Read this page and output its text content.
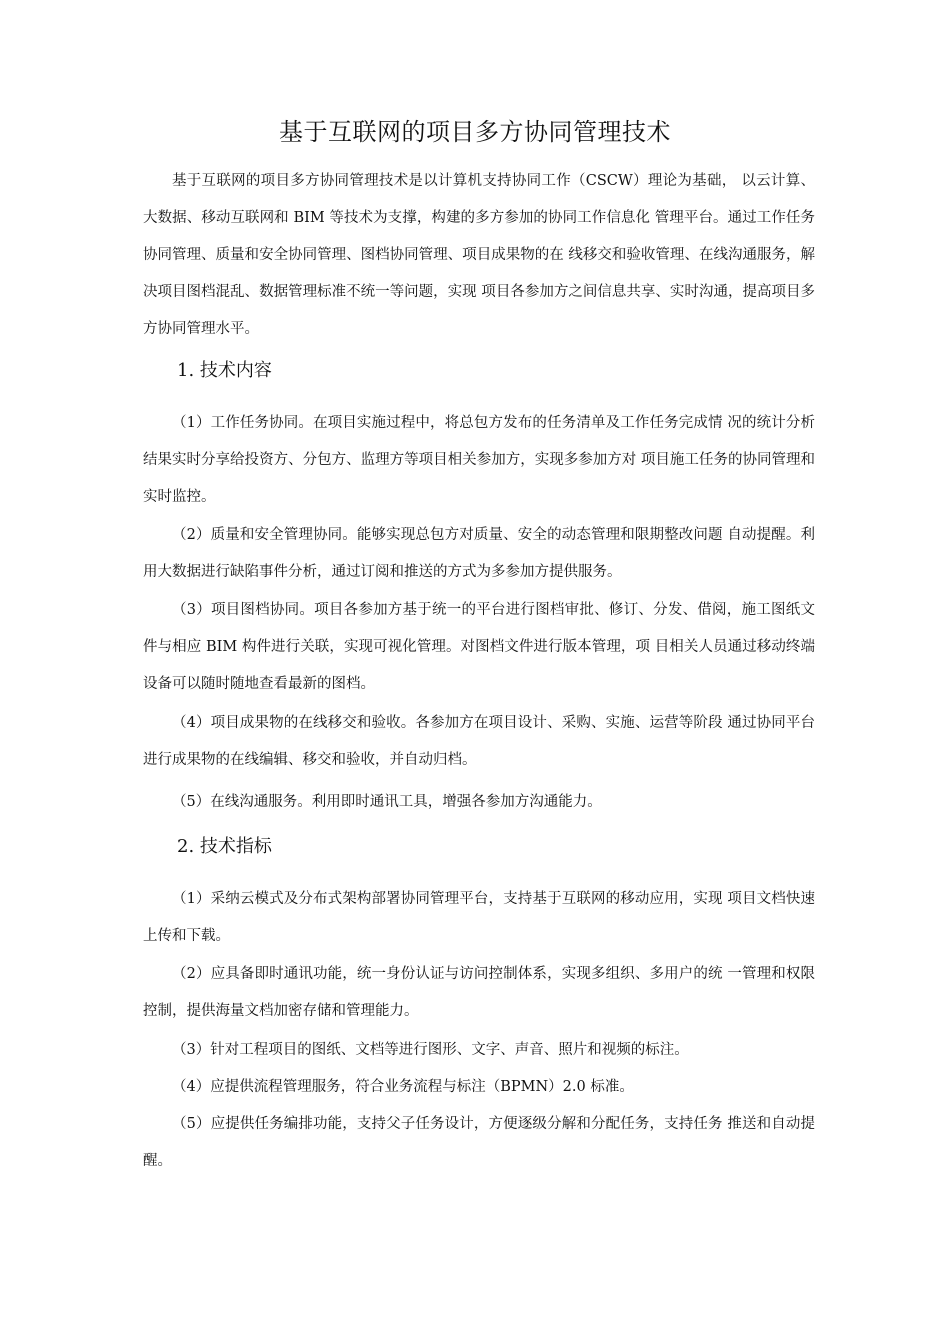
基于互联网的项目多方协同管理技术

基于互联网的项目多方协同管理技术是以计算机支持协同工作（CSCW）理论为基础， 以云计算、大数据、移动互联网和 BIM 等技术为支撑，构建的多方参加的协同工作信息化 管理平台。通过工作任务协同管理、质量和安全协同管理、图档协同管理、项目成果物的在 线移交和验收管理、在线沟通服务，解决项目图档混乱、数据管理标准不统一等问题，实现 项目各参加方之间信息共享、实时沟通，提高项目多方协同管理水平。

1. 技术内容

（1）工作任务协同。在项目实施过程中，将总包方发布的任务清单及工作任务完成情 况的统计分析结果实时分享给投资方、分包方、监理方等项目相关参加方，实现多参加方对 项目施工任务的协同管理和实时监控。

（2）质量和安全管理协同。能够实现总包方对质量、安全的动态管理和限期整改问题 自动提醒。利用大数据进行缺陷事件分析，通过订阅和推送的方式为多参加方提供服务。

（3）项目图档协同。项目各参加方基于统一的平台进行图档审批、修订、分发、借阅，施工图纸文件与相应 BIM 构件进行关联，实现可视化管理。对图档文件进行版本管理，项 目相关人员通过移动终端设备可以随时随地查看最新的图档。

（4）项目成果物的在线移交和验收。各参加方在项目设计、采购、实施、运营等阶段 通过协同平台进行成果物的在线编辑、移交和验收，并自动归档。

（5）在线沟通服务。利用即时通讯工具，增强各参加方沟通能力。

2. 技术指标

（1）采纳云模式及分布式架构部署协同管理平台，支持基于互联网的移动应用，实现 项目文档快速上传和下载。

（2）应具备即时通讯功能，统一身份认证与访问控制体系，实现多组织、多用户的统 一管理和权限控制，提供海量文档加密存储和管理能力。

（3）针对工程项目的图纸、文档等进行图形、文字、声音、照片和视频的标注。

（4）应提供流程管理服务，符合业务流程与标注（BPMN）2.0 标准。

（5）应提供任务编排功能，支持父子任务设计，方便逐级分解和分配任务，支持任务 推送和自动提醒。
